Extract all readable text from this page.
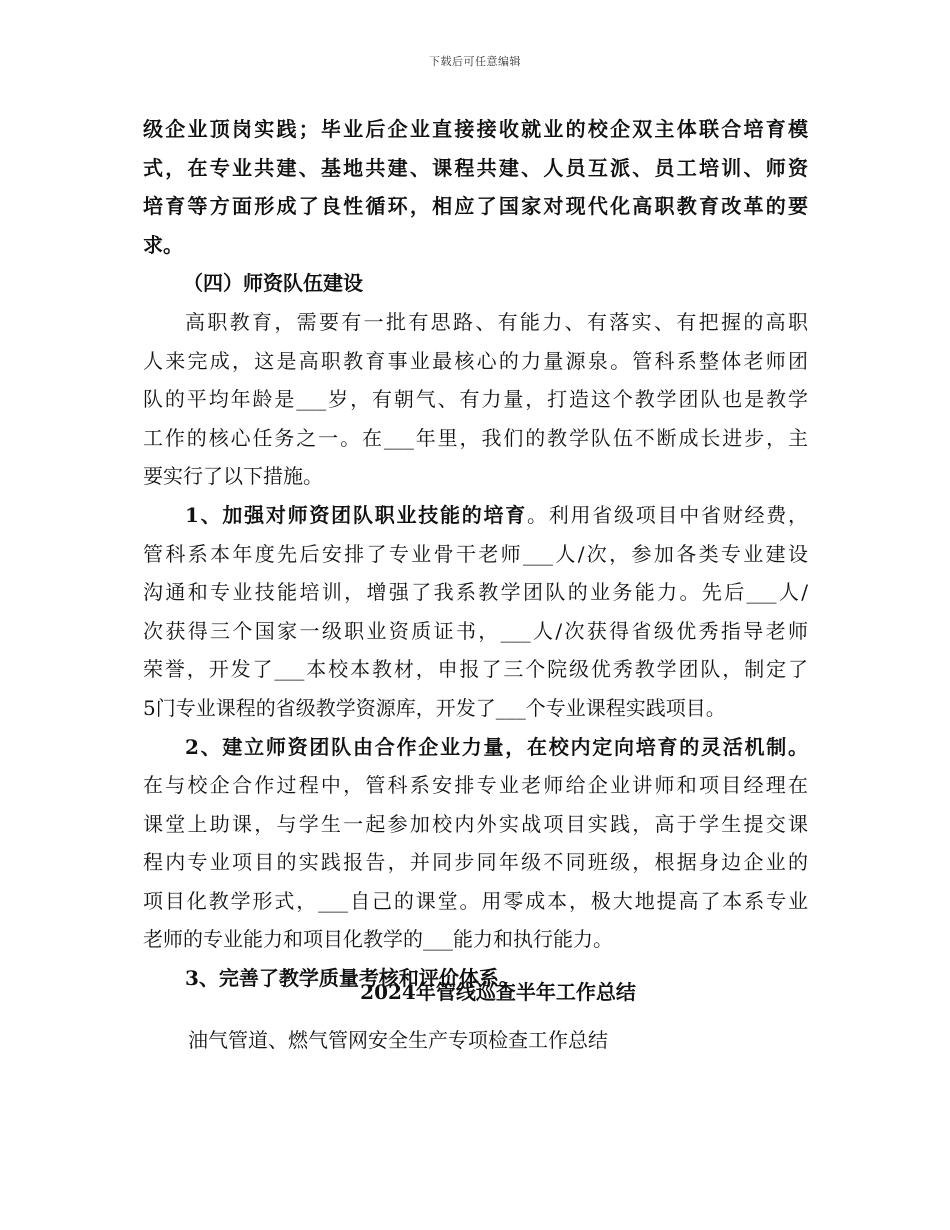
下载后可任意编辑
级企业顶岗实践；毕业后企业直接接收就业的校企双主体联合培育模
式，在专业共建、基地共建、课程共建、人员互派、员工培训、师资
培育等方面形成了良性循环，相应了国家对现代化高职教育改革的要
求。
（四）师资队伍建设
高职教育，需要有一批有思路、有能力、有落实、有把握的高职
人来完成，这是高职教育事业最核心的力量源泉。管科系整体老师团
队的平均年龄是___岁，有朝气、有力量，打造这个教学团队也是教学
工作的核心任务之一。在___年里，我们的教学队伍不断成长进步，主
要实行了以下措施。
1、加强对师资团队职业技能的培育。利用省级项目中省财经费，
管科系本年度先后安排了专业骨干老师___人/次，参加各类专业建设
沟通和专业技能培训，增强了我系教学团队的业务能力。先后___人/
次获得三个国家一级职业资质证书，___人/次获得省级优秀指导老师
荣誉，开发了___本校本教材，申报了三个院级优秀教学团队，制定了
5门专业课程的省级教学资源库，开发了___个专业课程实践项目。
2、建立师资团队由合作企业力量，在校内定向培育的灵活机制。
在与校企合作过程中，管科系安排专业老师给企业讲师和项目经理在
课堂上助课，与学生一起参加校内外实战项目实践，高于学生提交课
程内专业项目的实践报告，并同步同年级不同班级，根据身边企业的
项目化教学形式，___自己的课堂。用零成本，极大地提高了本系专业
老师的专业能力和项目化教学的___能力和执行能力。
3、完善了教学质量考核和评价体系。
2024年管线巡查半年工作总结
油气管道、燃气管网安全生产专项检查工作总结
